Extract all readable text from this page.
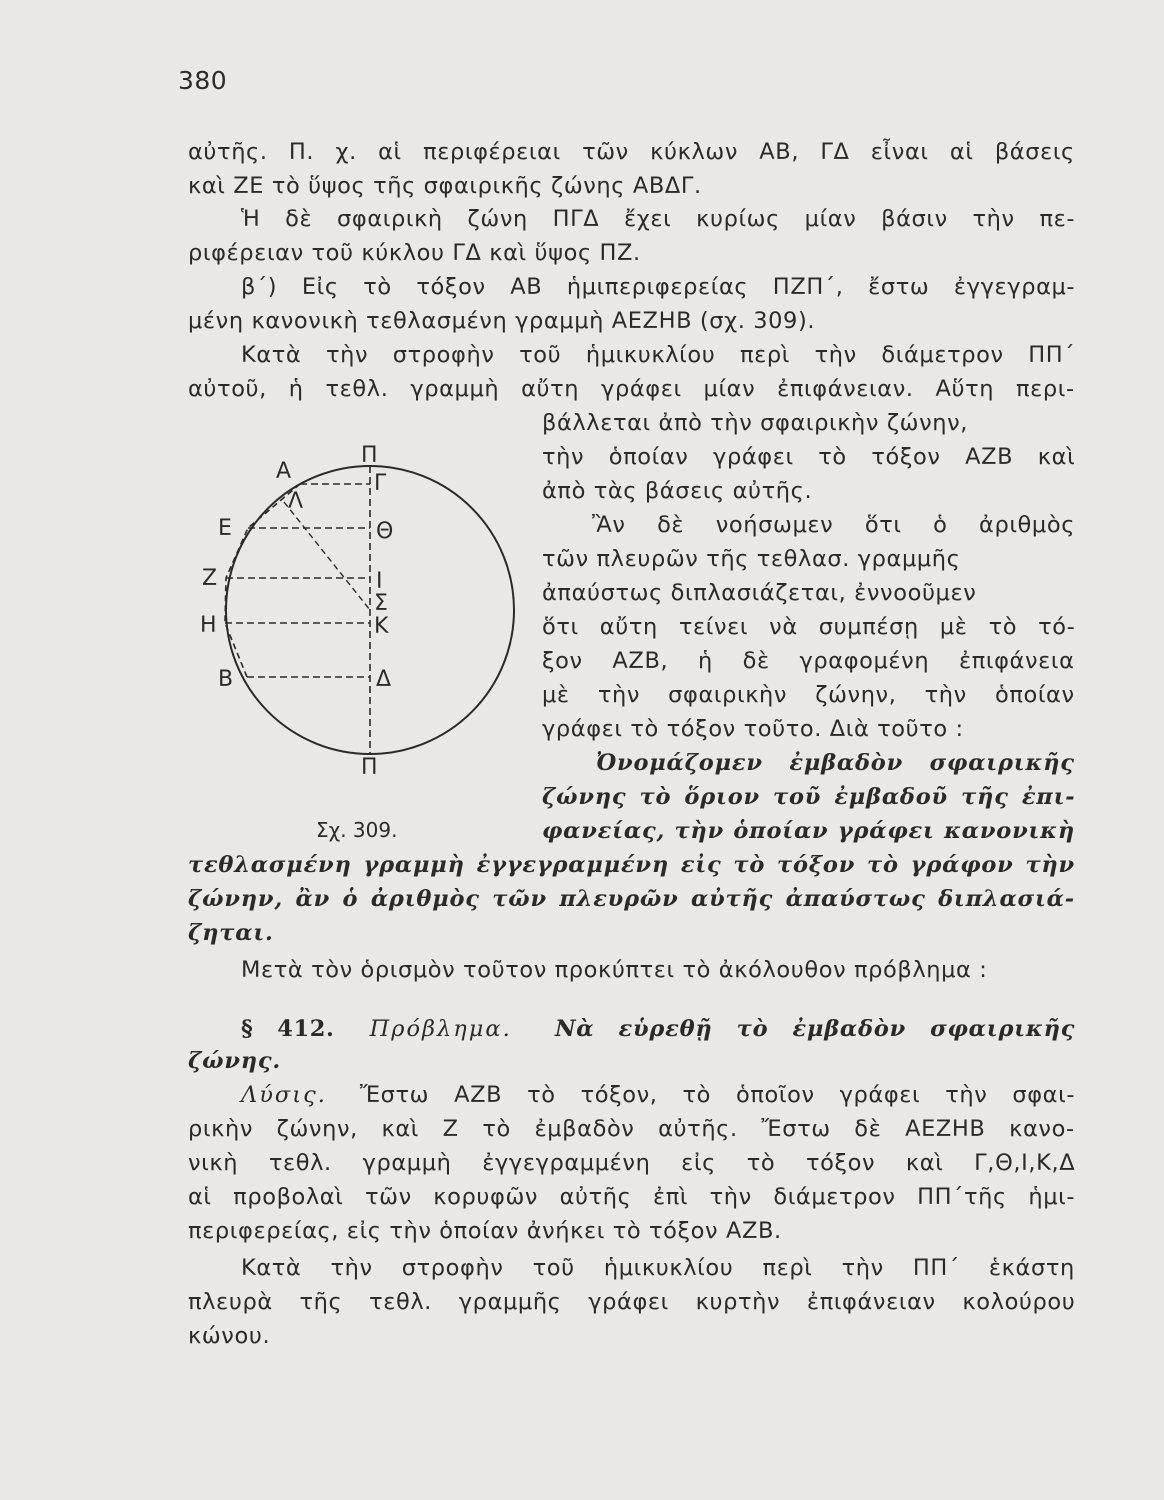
380
αὐτῆς. Π. χ. αἱ περιφέρειαι τῶν κύκλων ΑΒ, ΓΔ εἶναι αἱ βάσεις
καὶ ΖΕ τὸ ὕψος τῆς σφαιρικῆς ζώνης ΑΒΔΓ.
Ἡ δὲ σφαιρικὴ ζώνη ΠΓΔ ἔχει κυρίως μίαν βάσιν τὴν πε-
ριφέρειαν τοῦ κύκλου ΓΔ καὶ ὕψος ΠΖ.
β΄) Εἰς τὸ τόξον ΑΒ ἡμιπεριφερείας ΠΖΠ΄, ἔστω ἐγγεγραμ-
μένη κανονικὴ τεθλασμένη γραμμὴ ΑΕΖΗΒ (σχ. 309).
Κατὰ τὴν στροφὴν τοῦ ἡμικυκλίου περὶ τὴν διάμετρον ΠΠ΄
αὐτοῦ, ἡ τεθλ. γραμμὴ αὔτη γράφει μίαν ἐπιφάνειαν. Αὕτη περι-
βάλλεται ἀπὸ τὴν σφαιρικὴν ζώνην,
τὴν ὁποίαν γράφει τὸ τόξον ΑΖΒ καὶ
ἀπὸ τὰς βάσεις αὐτῆς.
Ἂν δὲ νοήσωμεν ὅτι ὁ ἀριθμὸς
τῶν πλευρῶν τῆς τεθλασ. γραμμῆς
ἀπαύστως διπλασιάζεται, ἐννοοῦμεν
ὅτι αὔτη τείνει νὰ συμπέσῃ μὲ τὸ τό-
ξον ΑΖΒ, ἡ δὲ γραφομένη ἐπιφάνεια
μὲ τὴν σφαιρικὴν ζώνην, τὴν ὁποίαν
γράφει τὸ τόξον τοῦτο. Διὰ τοῦτο :
Ὀνομάζομεν ἐμβαδὸν σφαιρικῆς
ζώνης τὸ ὅριον τοῦ ἐμβαδοῦ τῆς ἐπι-
φανείας, τὴν ὁποίαν γράφει κανονικὴ
τεθλασμένη γραμμὴ ἐγγεγραμμένη εἰς τὸ τόξον τὸ γράφον τὴν
ζώνην, ἂν ὁ ἀριθμὸς τῶν πλευρῶν αὐτῆς ἀπαύστως διπλασιά-
ζηται.
Μετὰ τὸν ὁρισμὸν τοῦτον προκύπτει τὸ ἀκόλουθον πρόβλημα :
§ 412. Πρόβλημα. Νὰ εὑρεθῇ τὸ ἐμβαδὸν σφαιρικῆς
ζώνης.
Λύσις. Ἔστω ΑΖΒ τὸ τόξον, τὸ ὁποῖον γράφει τὴν σφαι-
ρικὴν ζώνην, καὶ Ζ τὸ ἐμβαδὸν αὐτῆς. Ἔστω δὲ ΑΕΖΗΒ κανο-
νικὴ τεθλ. γραμμὴ ἐγγεγραμμένη εἰς τὸ τόξον καὶ Γ,Θ,Ι,Κ,Δ
αἱ προβολαὶ τῶν κορυφῶν αὐτῆς ἐπὶ τὴν διάμετρον ΠΠ΄τῆς ἡμι-
περιφερείας, εἰς τὴν ὁποίαν ἀνήκει τὸ τόξον ΑΖΒ.
Κατὰ τὴν στροφὴν τοῦ ἡμικυκλίου περὶ τὴν ΠΠ΄ ἑκάστη
πλευρὰ τῆς τεθλ. γραμμῆς γράφει κυρτὴν ἐπιφάνειαν κολούρου
κώνου.
Π
Α
Λ
Γ
Ε	Θ
Ζ	Ι
Σ
Η	Κ
Β	Δ
Π
Σχ. 309.
